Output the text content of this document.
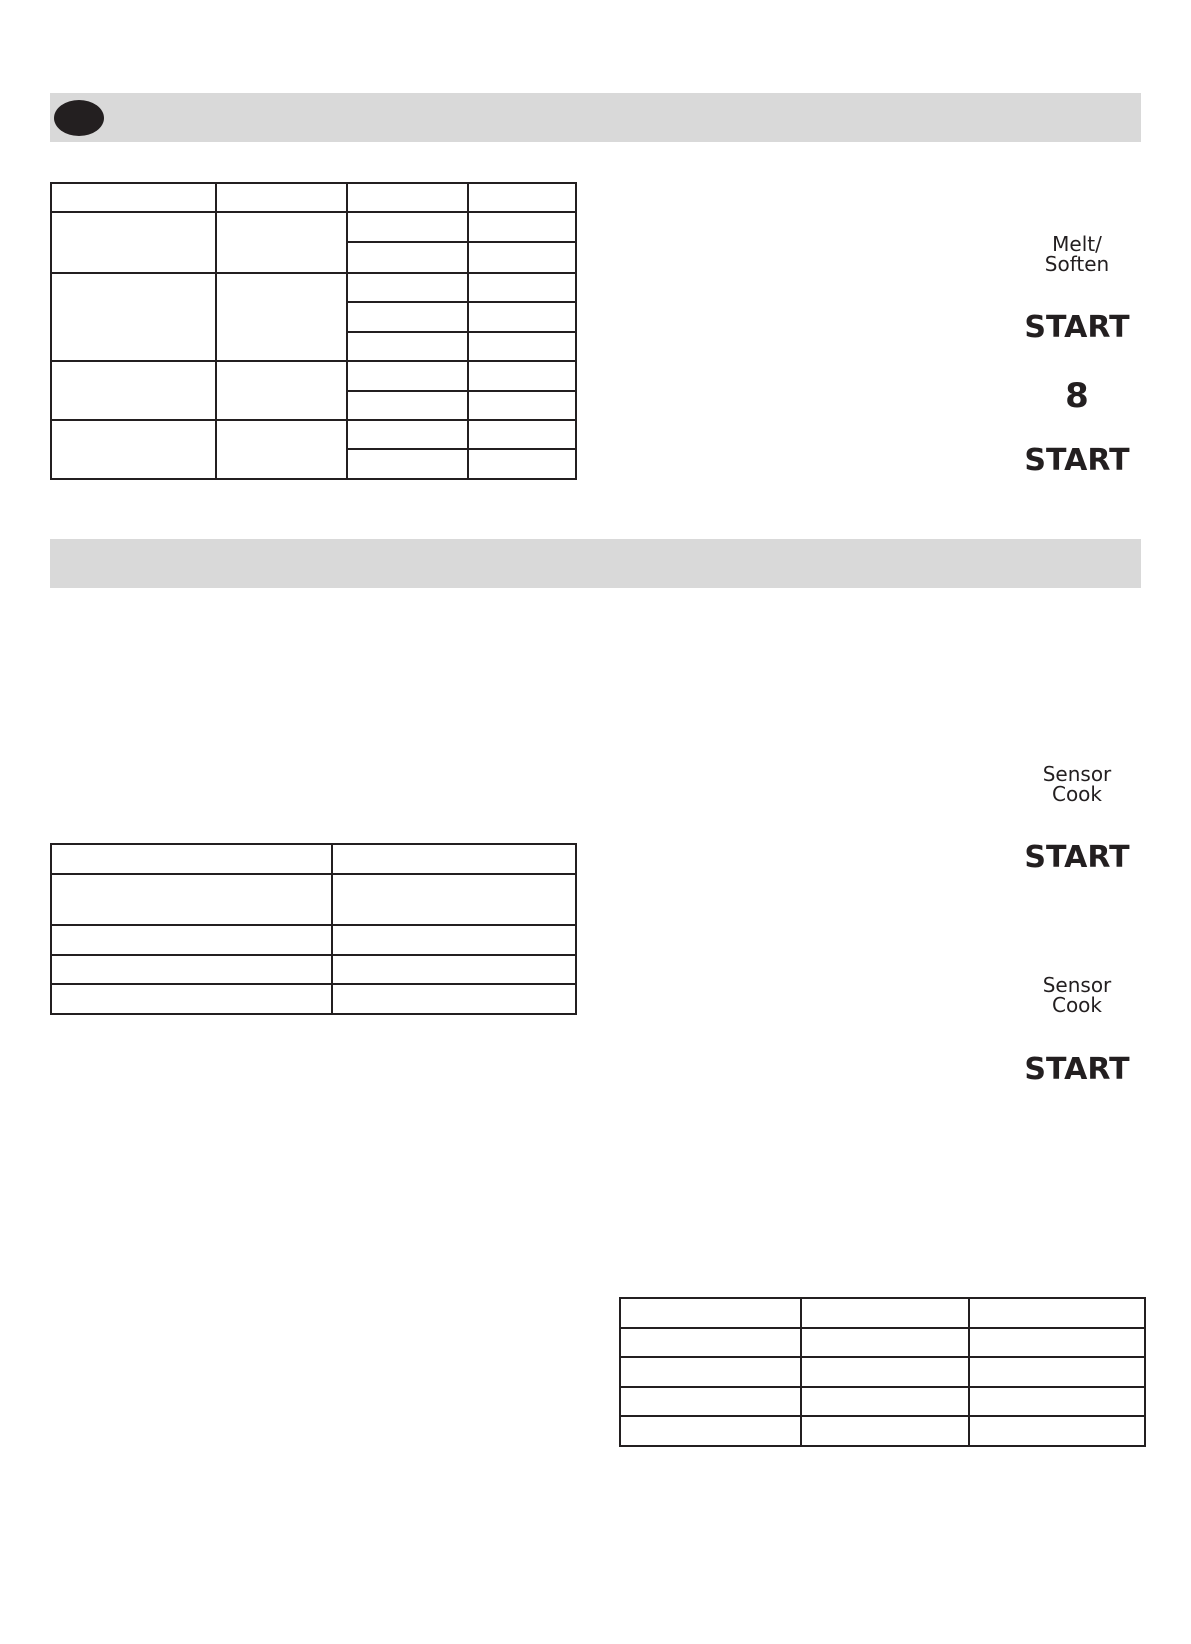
Melt/
Soften
START
8
START
Sensor
Cook
START
Sensor
Cook
START
